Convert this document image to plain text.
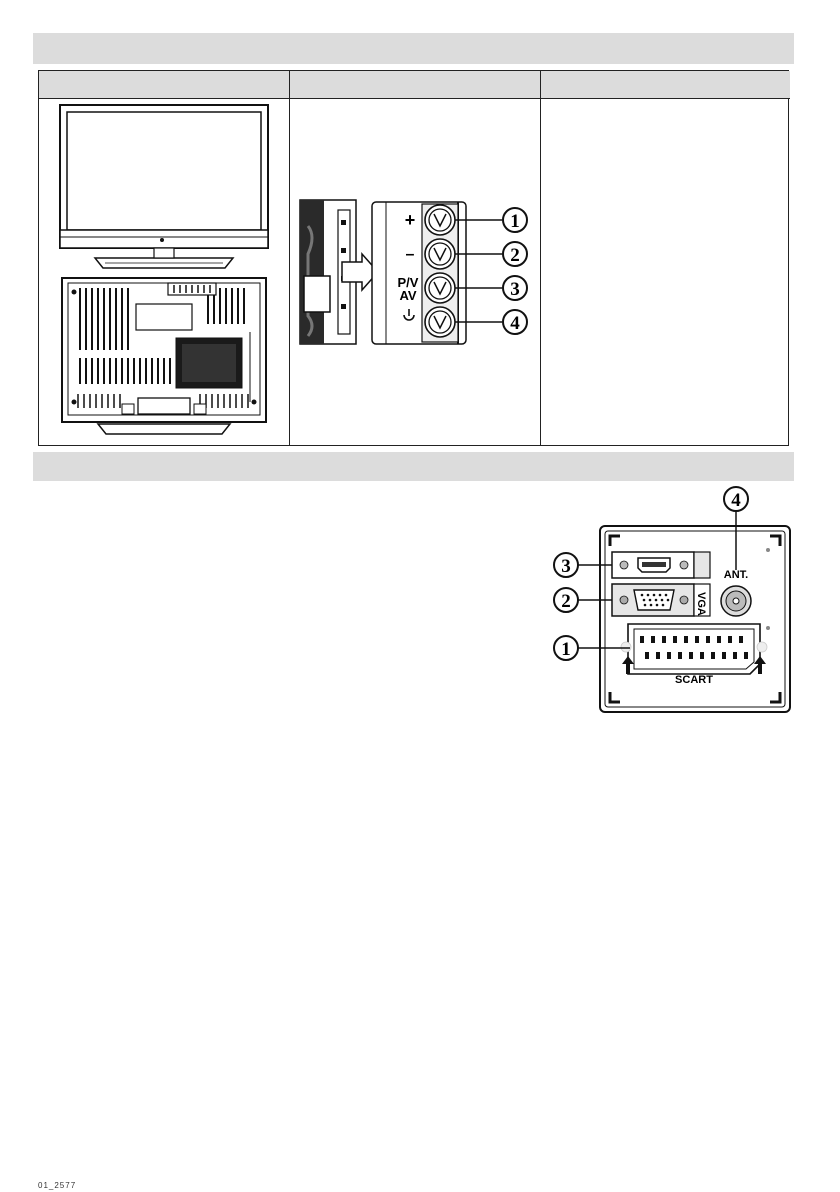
+
–
P/V
AV
1
2
3
4
VGA
ANT.
SCART
4
3
2
1
01_2577
